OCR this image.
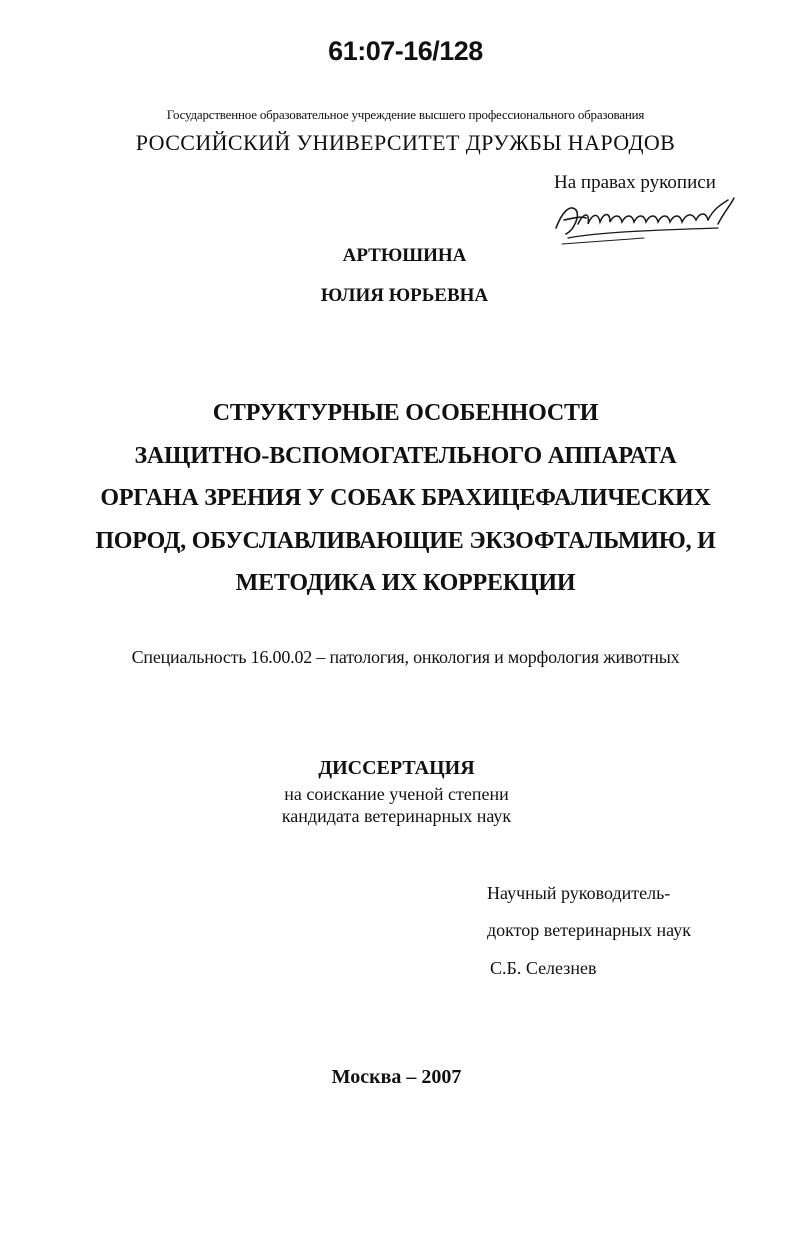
61:07-16/128
Государственное образовательное учреждение высшего профессионального образования
РОССИЙСКИЙ УНИВЕРСИТЕТ ДРУЖБЫ НАРОДОВ
На правах рукописи
АРТЮШИНА
ЮЛИЯ ЮРЬЕВНА
СТРУКТУРНЫЕ ОСОБЕННОСТИ
ЗАЩИТНО-ВСПОМОГАТЕЛЬНОГО АППАРАТА
ОРГАНА ЗРЕНИЯ У СОБАК БРАХИЦЕФАЛИЧЕСКИХ
ПОРОД, ОБУСЛАВЛИВАЮЩИЕ ЭКЗОФТАЛЬМИЮ, И
МЕТОДИКА ИХ КОРРЕКЦИИ
Специальность 16.00.02 – патология, онкология и морфология животных
ДИССЕРТАЦИЯ
на соискание ученой степени
кандидата ветеринарных наук
Научный руководитель-
доктор ветеринарных наук
С.Б. Селезнев
Москва – 2007
